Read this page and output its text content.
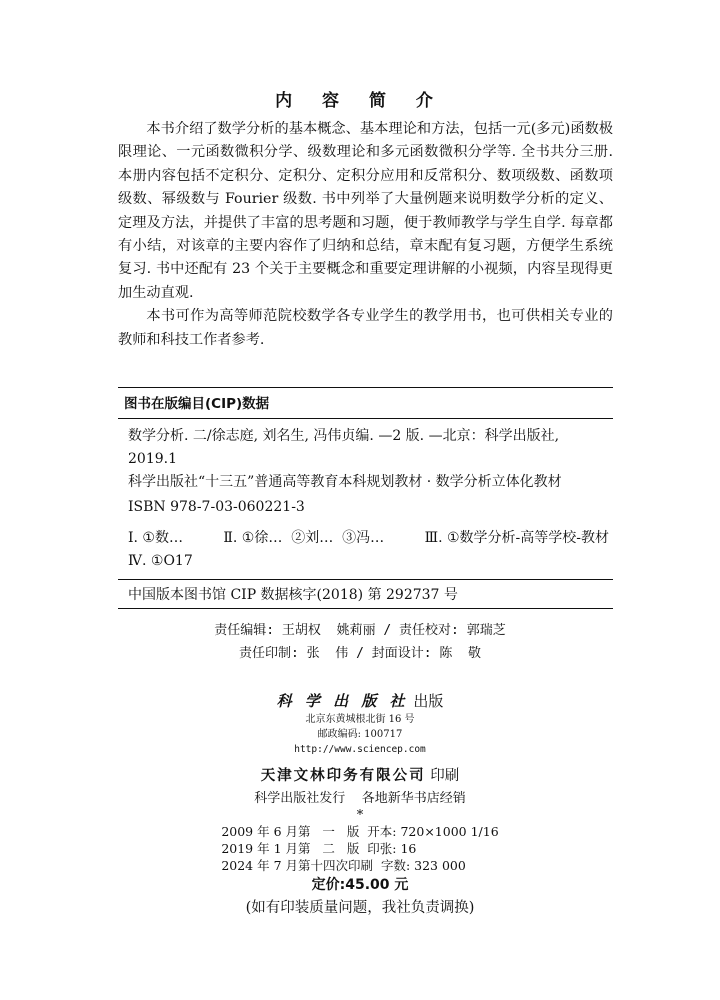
内 容 简 介

本书介绍了数学分析的基本概念、基本理论和方法，包括一元(多元)函数极限理论、一元函数微积分学、级数理论和多元函数微积分学等. 全书共分三册. 本册内容包括不定积分、定积分、定积分应用和反常积分、数项级数、函数项级数、幂级数与 Fourier 级数. 书中列举了大量例题来说明数学分析的定义、定理及方法，并提供了丰富的思考题和习题，便于教师教学与学生自学. 每章都有小结，对该章的主要内容作了归纳和总结，章末配有复习题，方便学生系统复习. 书中还配有 23 个关于主要概念和重要定理讲解的小视频，内容呈现得更加生动直观.

本书可作为高等师范院校数学各专业学生的教学用书，也可供相关专业的教师和科技工作者参考.

图书在版编目(CIP)数据
数学分析. 二/徐志庭, 刘名生, 冯伟贞编. —2 版. —北京：科学出版社,
2019.1
科学出版社“十三五”普通高等教育本科规划教材 · 数学分析立体化教材
ISBN 978-7-03-060221-3
Ⅰ. ①数…	Ⅱ. ①徐…  ②刘…  ③冯…	Ⅲ. ①数学分析-高等学校-教材
Ⅳ. ①O17
中国版本图书馆 CIP 数据核字(2018) 第 292737 号
责任编辑: 王胡权  姚莉丽 / 责任校对: 郭瑞芝
责任印制: 张  伟 / 封面设计: 陈  敬
科 学 出 版 社 出版
北京东黄城根北街 16 号
邮政编码: 100717
http://www.sciencep.com
天津文林印务有限公司 印刷
科学出版社发行    各地新华书店经销
*
2009 年 6 月第   一   版  开本: 720×1000 1/16
2019 年 1 月第   二   版  印张: 16
2024 年 7 月第十四次印刷  字数: 323 000
定价:45.00 元
(如有印装质量问题，我社负责调换)
